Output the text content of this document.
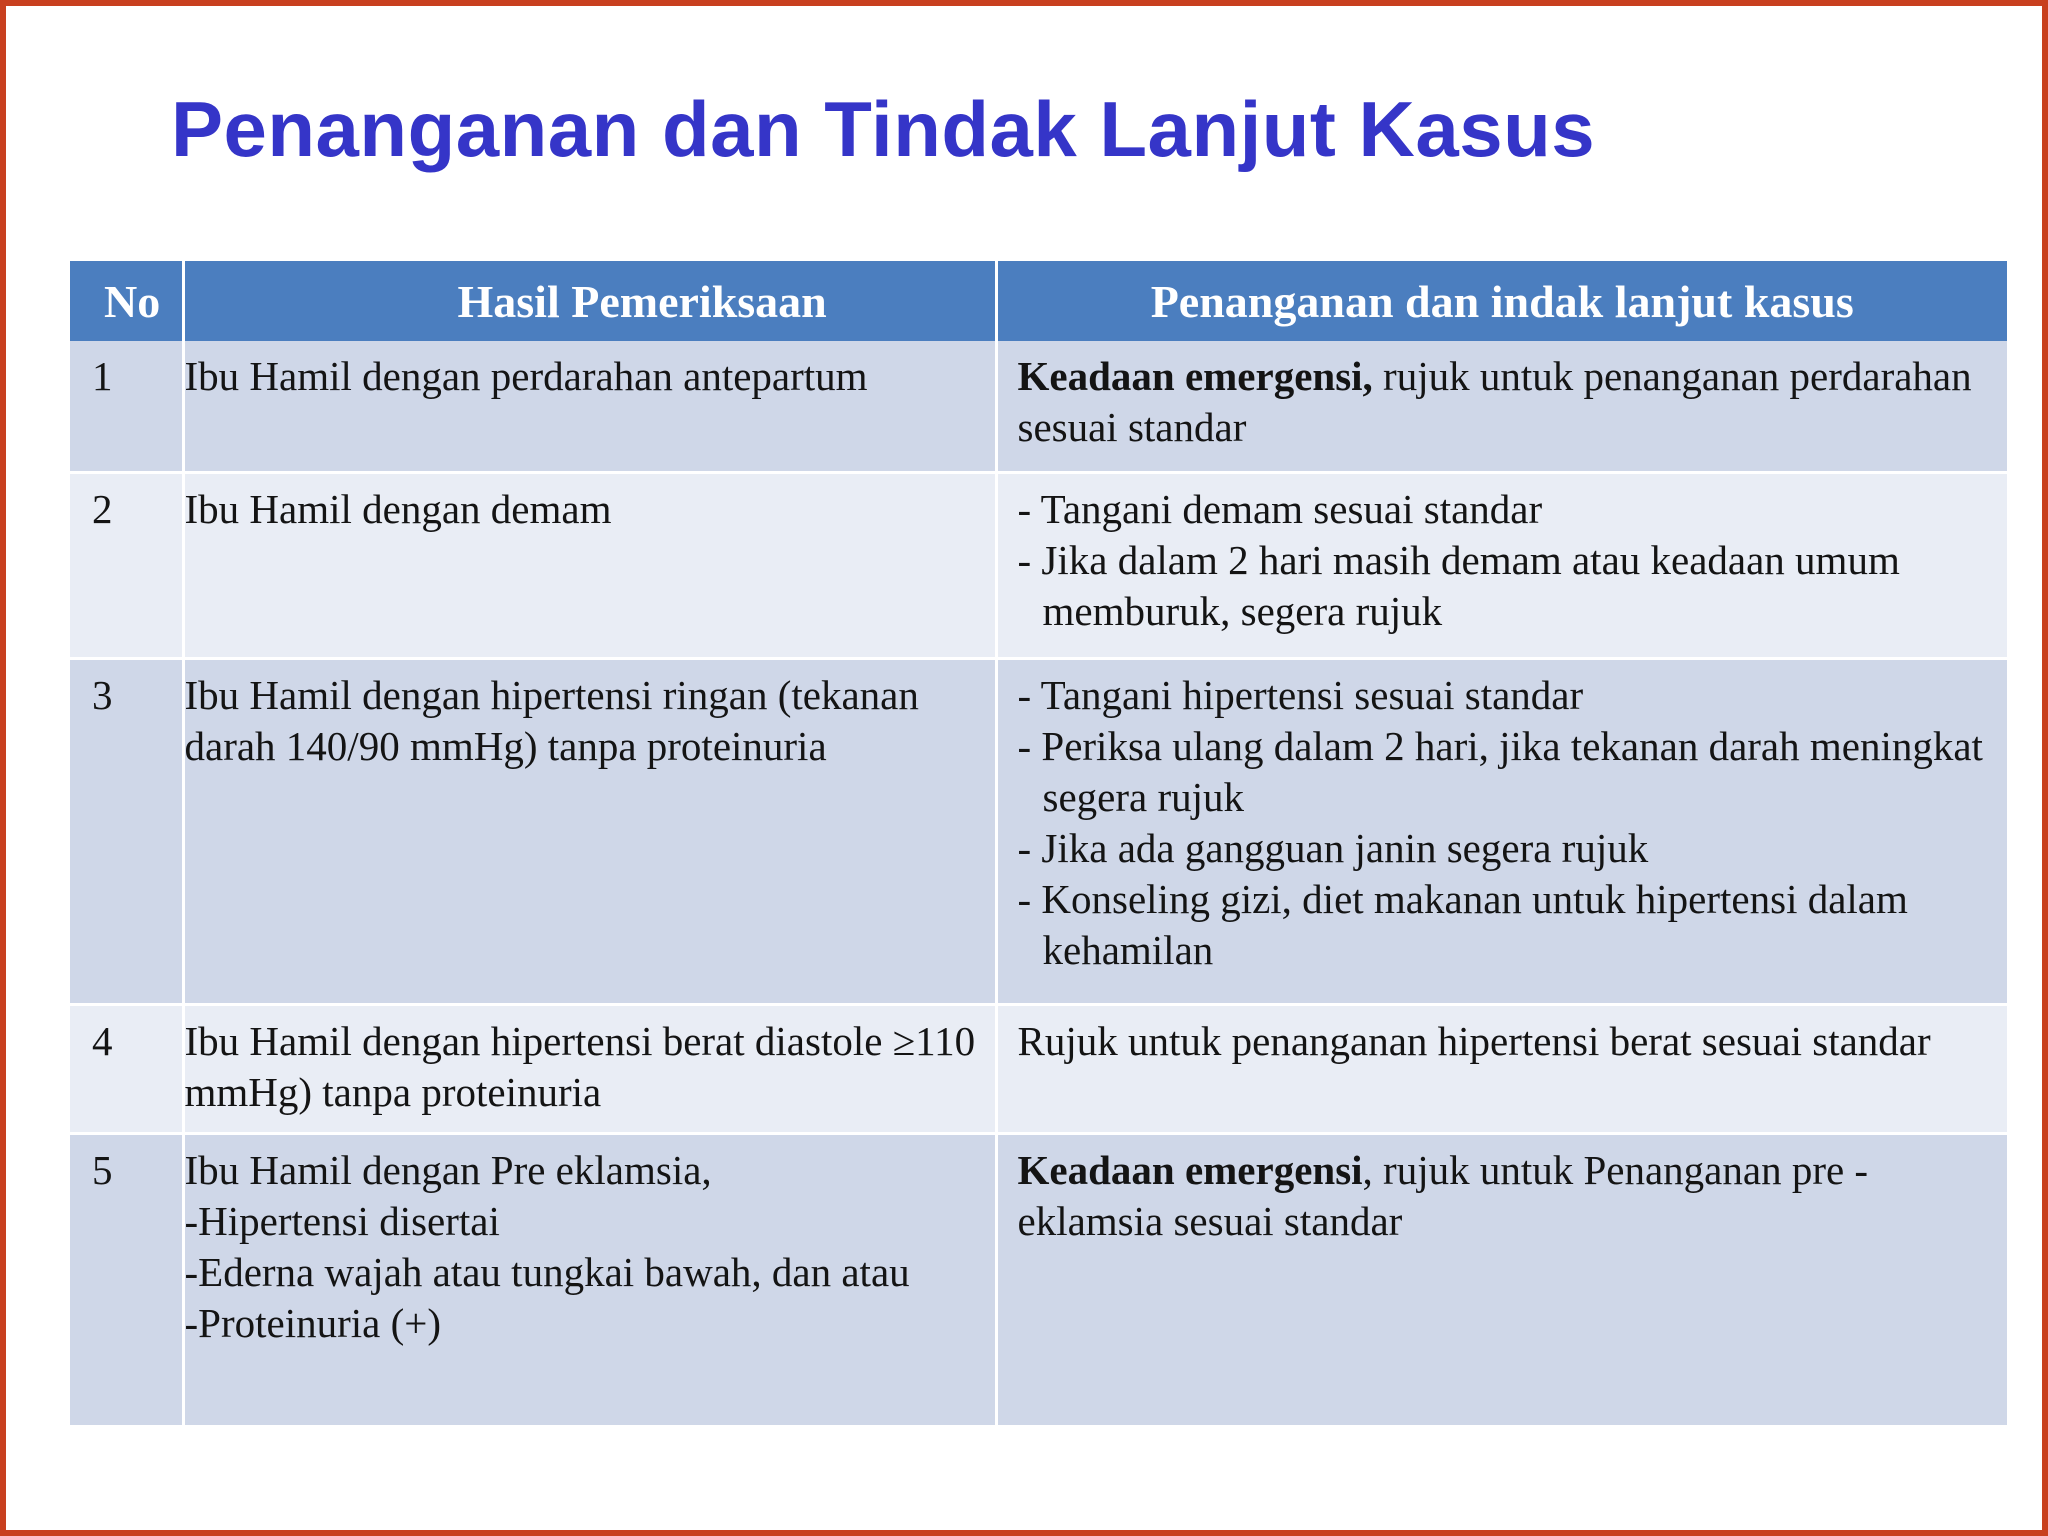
Penanganan dan Tindak Lanjut Kasus
No	Hasil Pemeriksaan	Penanganan dan indak lanjut kasus
1	Ibu Hamil dengan perdarahan antepartum	Keadaan emergensi, rujuk untuk penanganan perdarahan sesuai standar
2	Ibu Hamil dengan demam	- Tangani demam sesuai standar
- Jika dalam 2 hari masih demam atau keadaan umum memburuk, segera rujuk

3	Ibu Hamil dengan hipertensi ringan (tekanan darah 140/90 mmHg) tanpa proteinuria	- Tangani hipertensi sesuai standar
- Periksa ulang dalam 2 hari, jika tekanan darah meningkat segera rujuk
- Jika ada gangguan janin segera rujuk
- Konseling gizi, diet makanan untuk hipertensi dalam kehamilan

4	Ibu Hamil dengan hipertensi berat diastole ≥110 mmHg) tanpa proteinuria	Rujuk untuk penanganan hipertensi berat sesuai standar
5	Ibu Hamil dengan Pre eklamsia,
-Hipertensi disertai
-Ederna wajah atau tungkai bawah, dan atau
-Proteinuria (+)	Keadaan emergensi, rujuk untuk Penanganan pre -eklamsia sesuai standar
